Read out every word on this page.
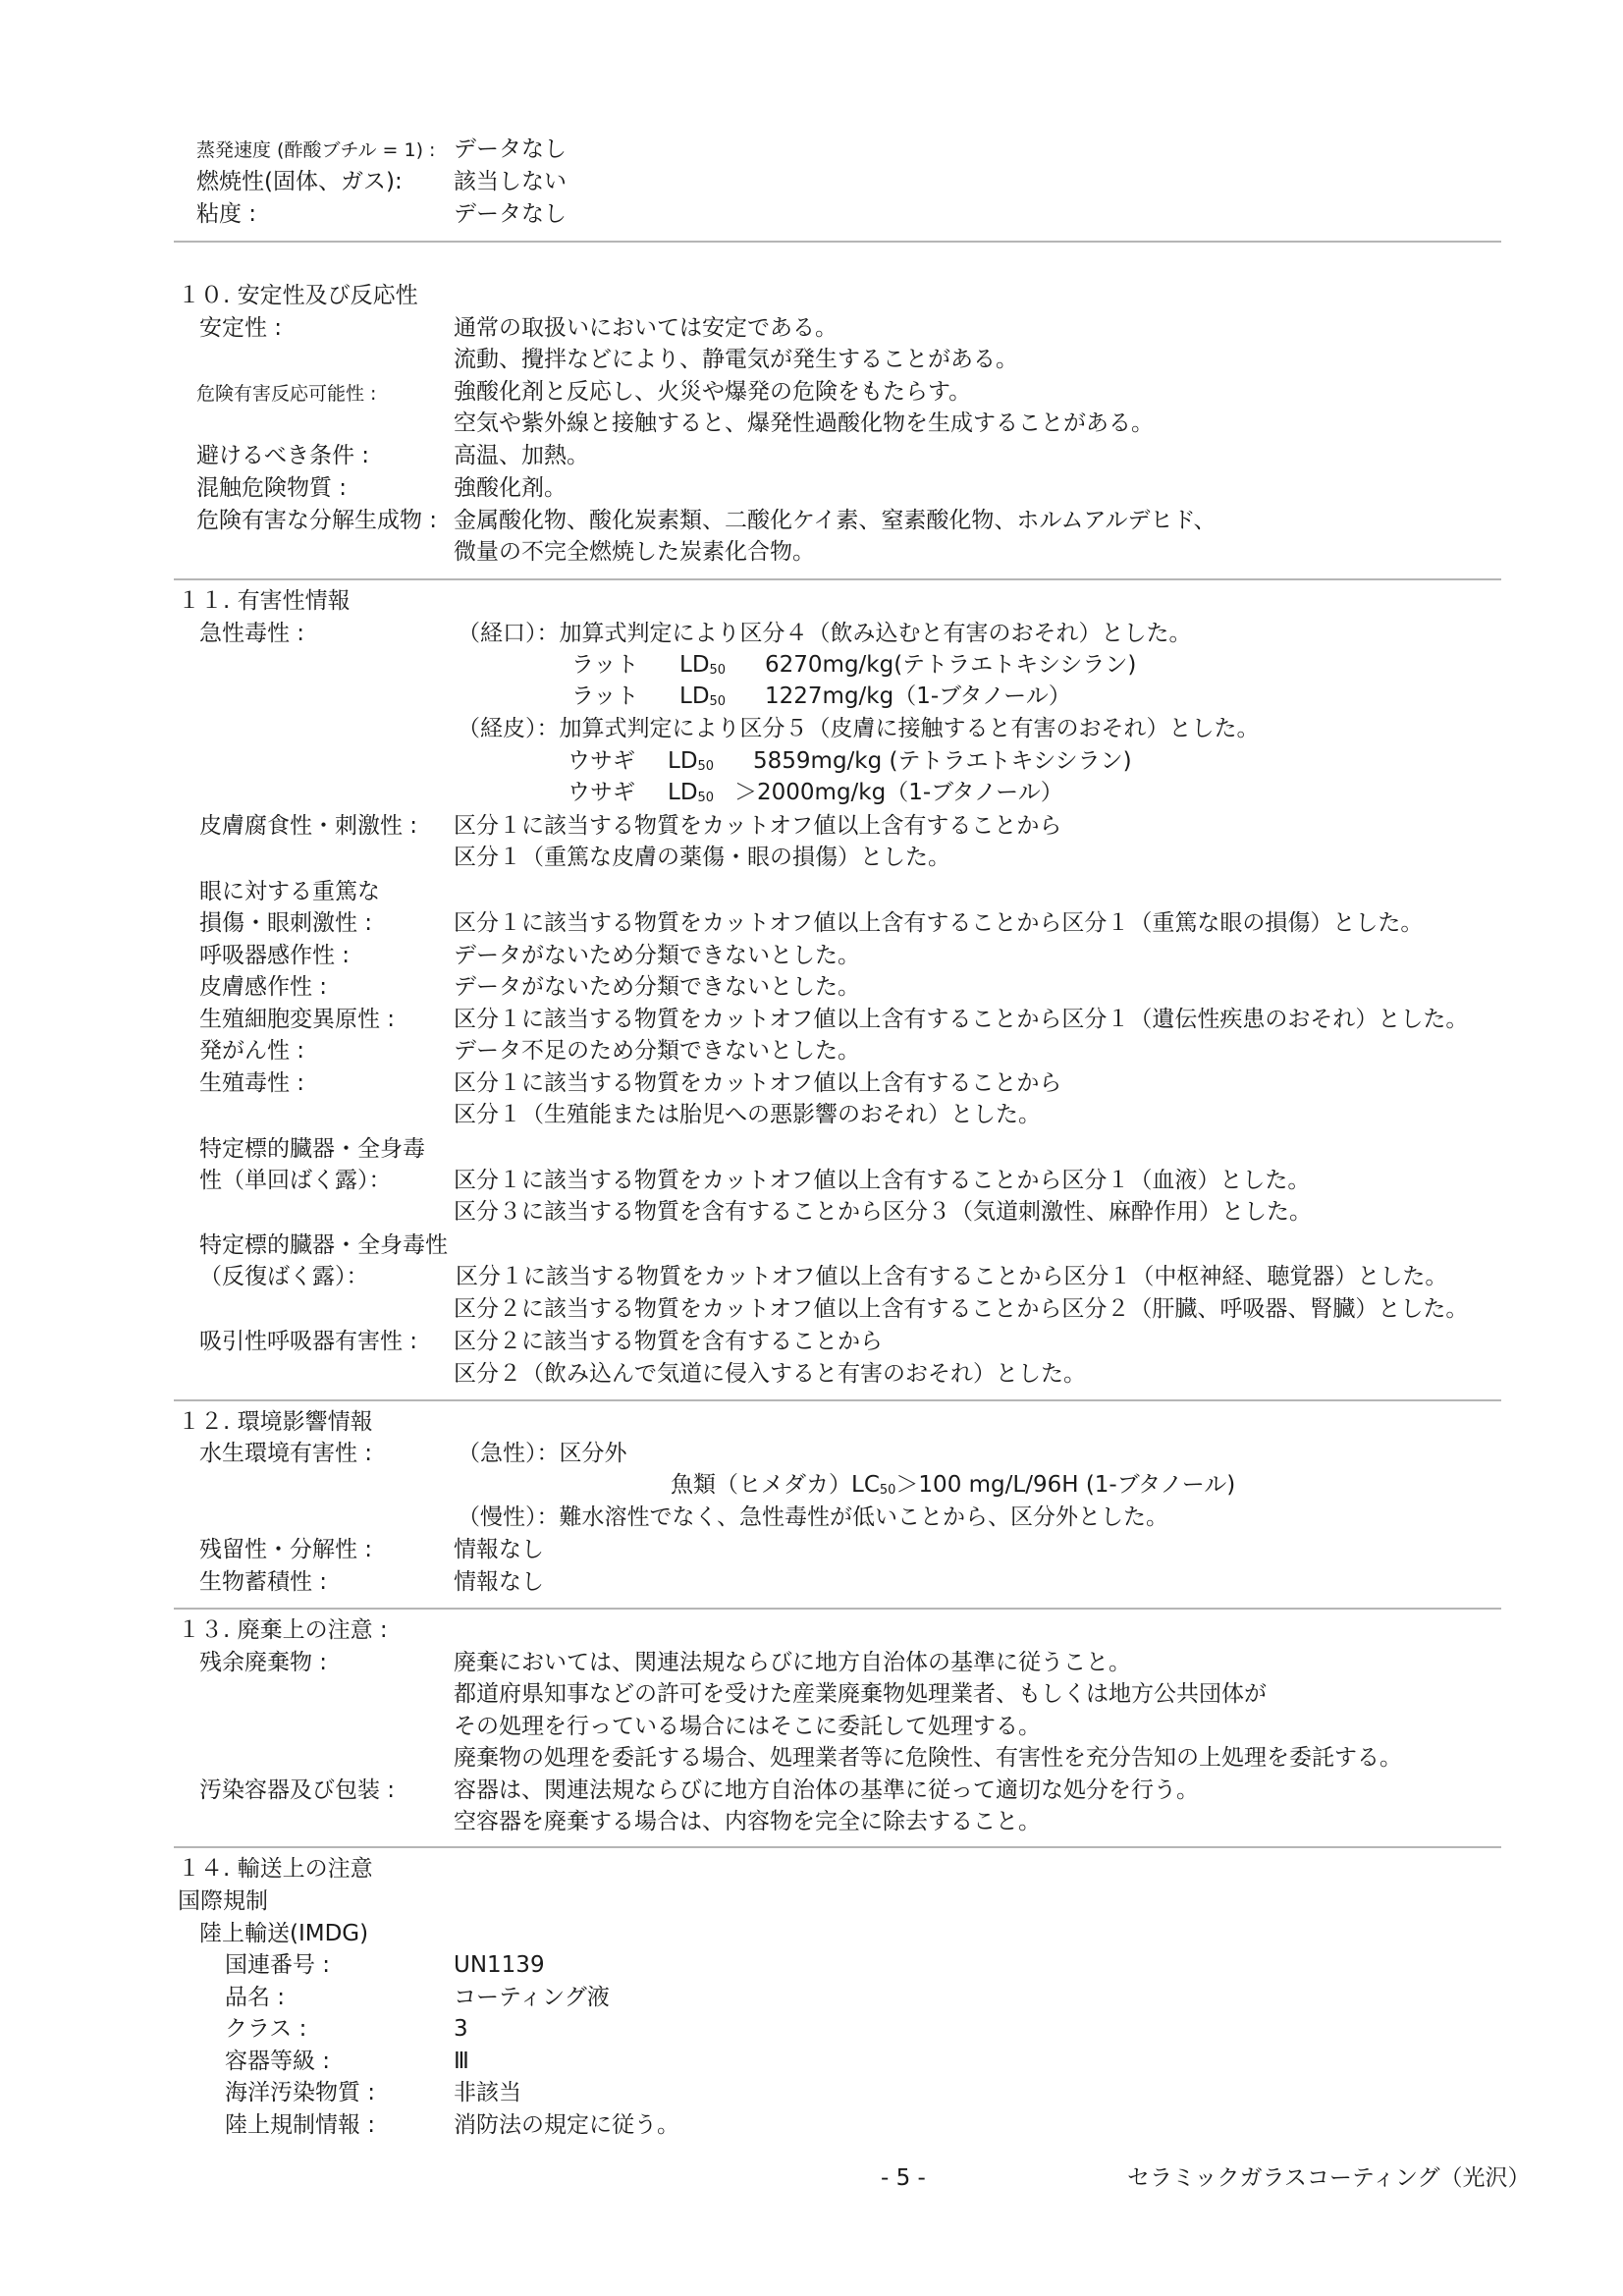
蒸発速度 (酢酸ブチル = 1) : データなし
燃焼性(固体、ガス): 該当しない
粘度 :	データなし
１０. 安定性及び反応性
安定性 :	通常の取扱いにおいては安定である。
流動、攪拌などにより、静電気が発生することがある。
危険有害反応可能性 :	強酸化剤と反応し、火災や爆発の危険をもたらす。
空気や紫外線と接触すると、爆発性過酸化物を生成することがある。
避けるべき条件 :	高温、加熱。
混触危険物質 :	強酸化剤。
危険有害な分解生成物 : 金属酸化物、酸化炭素類、二酸化ケイ素、窒素酸化物、ホルムアルデヒド、
微量の不完全燃焼した炭素化合物。
１１. 有害性情報
急性毒性 :	（経口）：加算式判定により区分４（飲み込むと有害のおそれ）とした。
ラット $LD_{50}$ 6270mg/kg(テトラエトキシシラン)
ラット $LD_{50}$ 1227mg/kg（1-ブタノール）
（経皮）：加算式判定により区分５（皮膚に接触すると有害のおそれ）とした。
ウサギ $LD_{50}$ 5859mg/kg (テトラエトキシシラン)
ウサギ $LD_{50} >2000mg/kg(1-$ブタノール）
皮膚腐食性・刺激性 : 区分１に該当する物質をカットオフ値以上含有することから
区分１（重篤な皮膚の薬傷・眼の損傷）とした。
眼に対する重篤な
損傷・眼刺激性 :	区分１に該当する物質をカットオフ値以上含有することから区分１（重篤な眼の損傷）とした。
呼吸器感作性 :	データがないため分類できないとした。
皮膚感作性 :	データがないため分類できないとした。
生殖細胞変異原性 :	区分１に該当する物質をカットオフ値以上含有することから区分１（遺伝性疾患のおそれ）とした。
発がん性 :	データ不足のため分類できないとした。
生殖毒性 :	区分１に該当する物質をカットオフ値以上含有することから
区分１（生殖能または胎児への悪影響のおそれ）とした。
特定標的臓器・全身毒
性（単回ばく露）：	区分１に該当する物質をカットオフ値以上含有することから区分１（血液）とした。
区分３に該当する物質を含有することから区分３（気道刺激性、麻酔作用）とした。
特定標的臓器・全身毒性
（反復ばく露）：	区分１に該当する物質をカットオフ値以上含有することから区分１（中枢神経、聴覚器）とした。
区分２に該当する物質をカットオフ値以上含有することから区分２（肝臓、呼吸器、腎臓）とした。
吸引性呼吸器有害性 : 区分２に該当する物質を含有することから
区分２（飲み込んで気道に侵入すると有害のおそれ）とした。
１２. 環境影響情報
水生環境有害性 :	（急性）：区分外
魚類（ヒメダカ）$LC_{50}>100$ mg/L/96H (1-ブタノール)
（慢性）：難水溶性でなく、急性毒性が低いことから、区分外とした。
残留性・分解性 :	情報なし
生物蓄積性 :	情報なし
１３. 廃棄上の注意 :
残余廃棄物 :	廃棄においては、関連法規ならびに地方自治体の基準に従うこと。
都道府県知事などの許可を受けた産業廃棄物処理業者、もしくは地方公共団体が
その処理を行っている場合にはそこに委託して処理する。
廃棄物の処理を委託する場合、処理業者等に危険性、有害性を充分告知の上処理を委託する。
汚染容器及び包装 :	容器は、関連法規ならびに地方自治体の基準に従って適切な処分を行う。
空容器を廃棄する場合は、内容物を完全に除去すること。
１４. 輸送上の注意
国際規制
陸上輸送(IMDG)
国連番号 :	UN1139
品名 :	コーティング液
クラス :	3
容器等級 :	Ⅲ
海洋汚染物質 :	非該当
陸上規制情報 :	消防法の規定に従う。
- 5 -	セラミックガラスコーティング（光沢）
